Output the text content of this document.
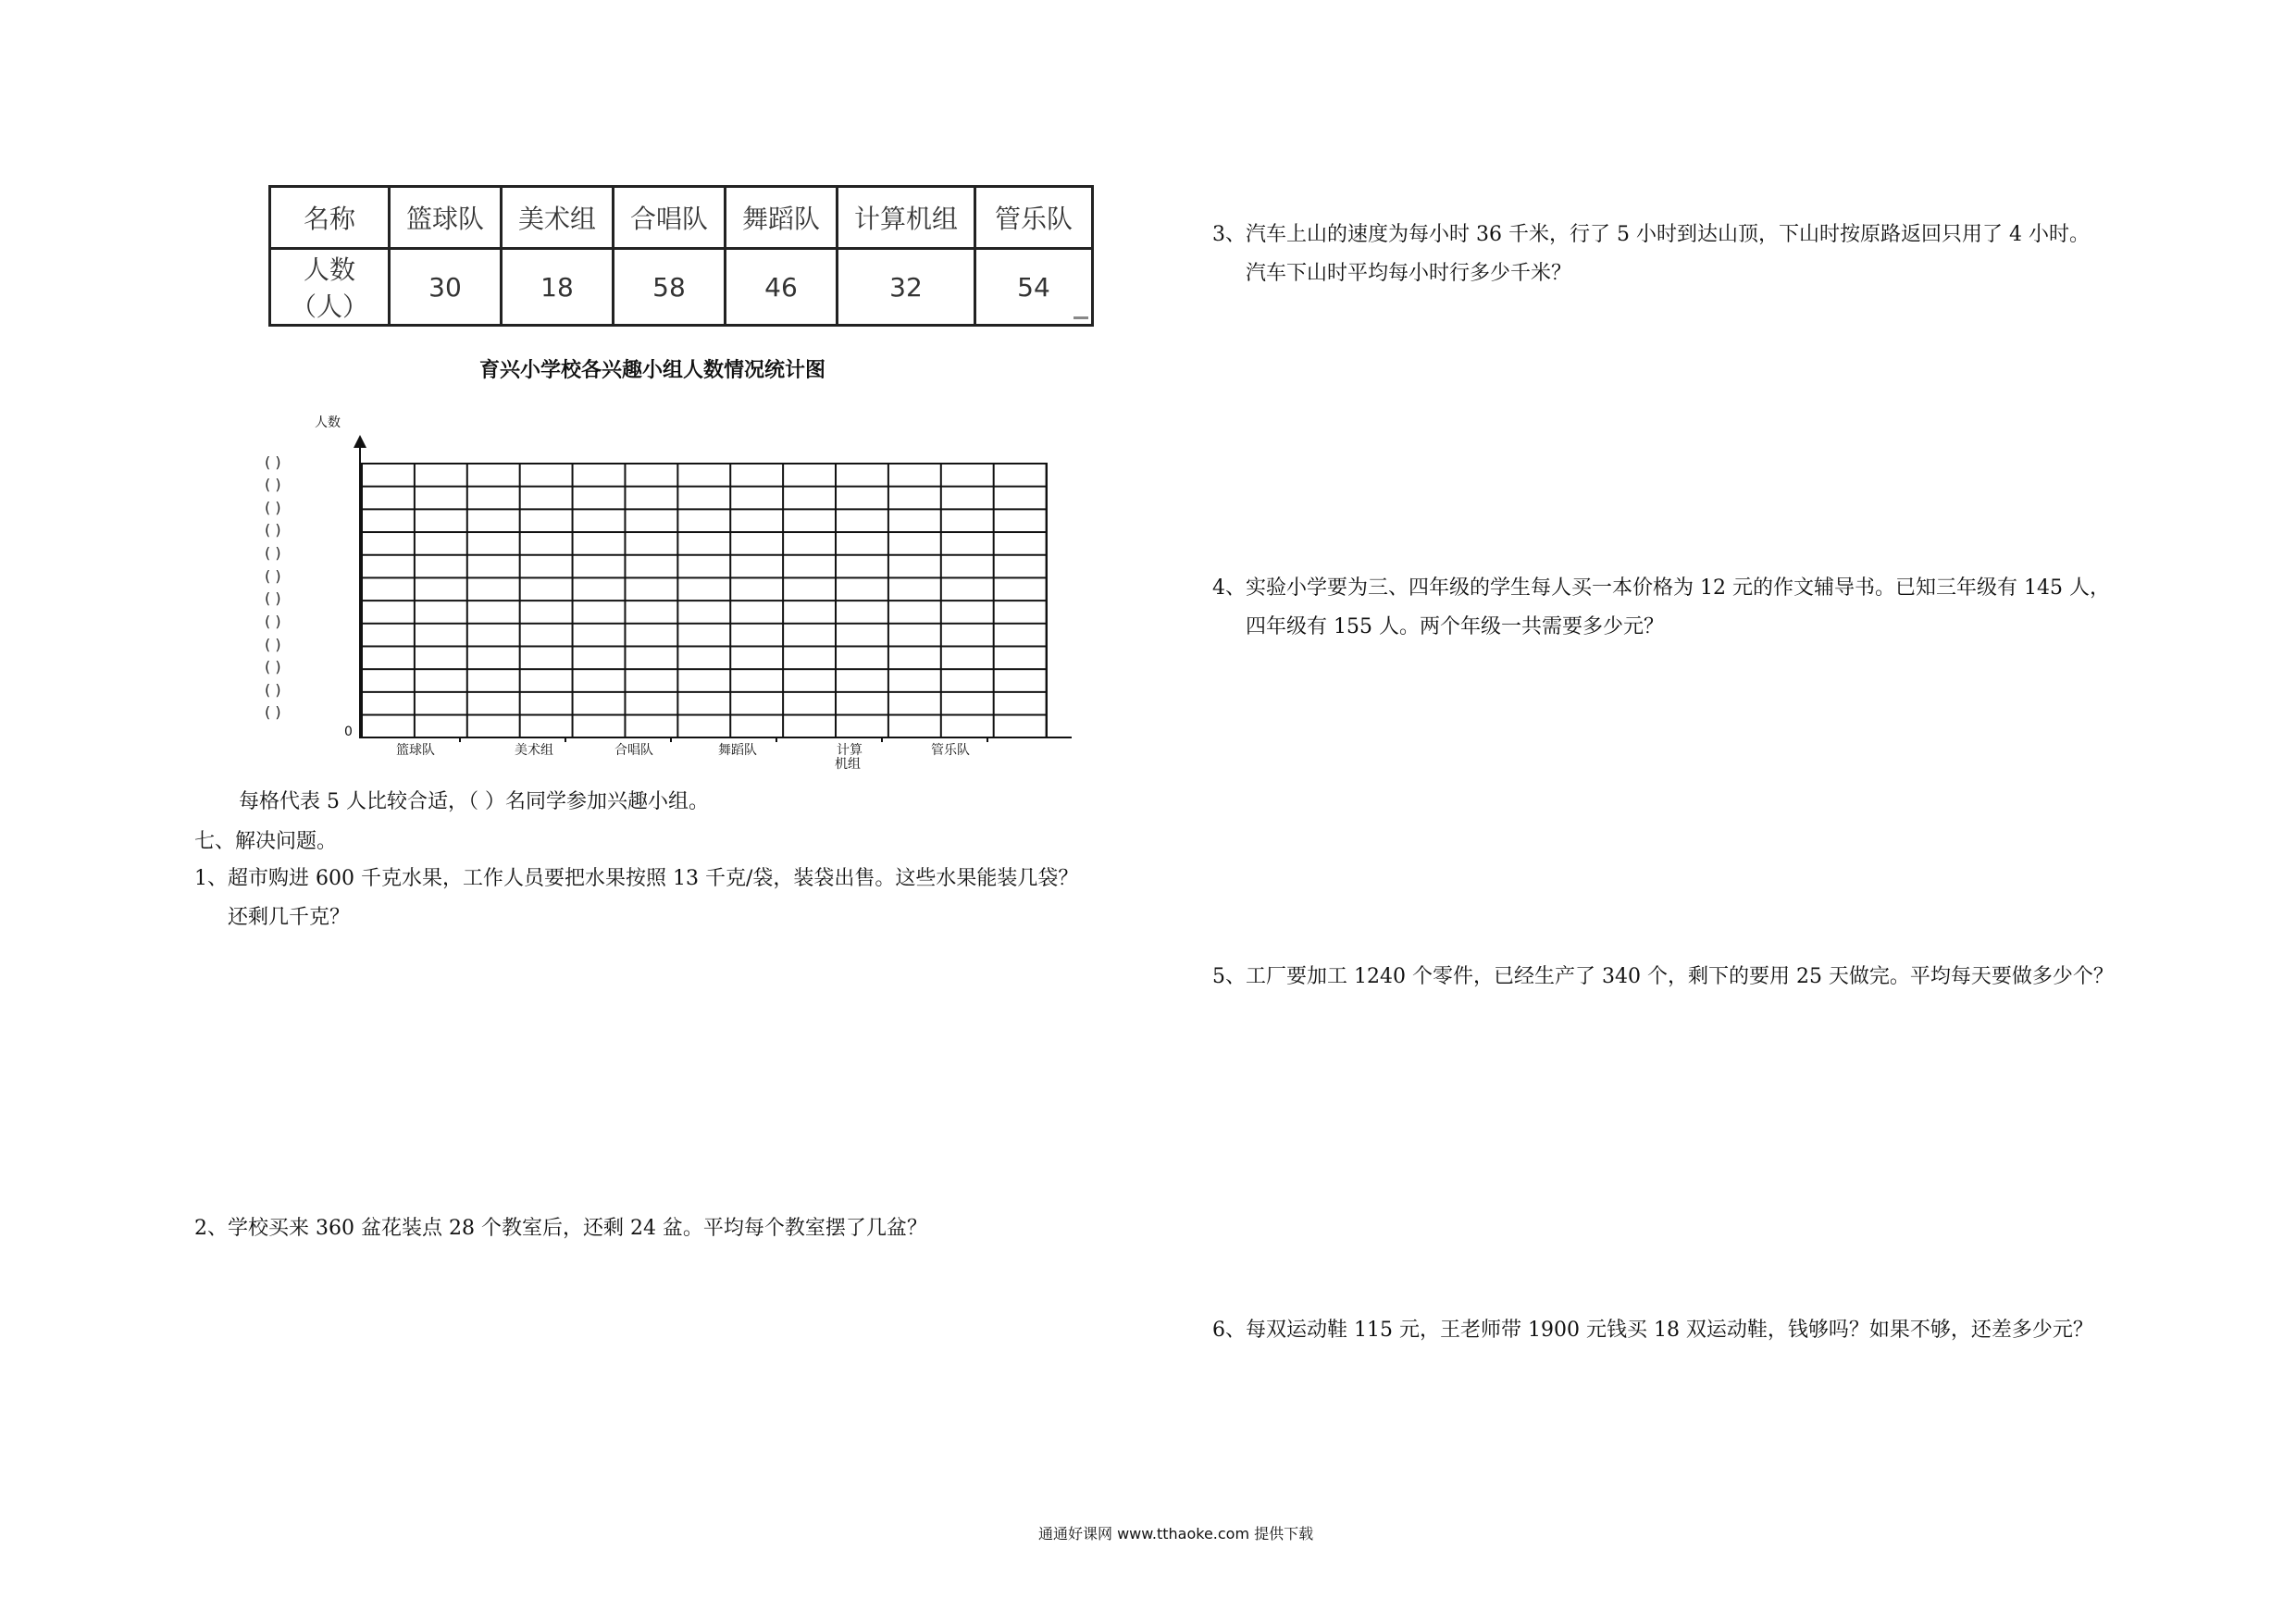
名称	篮球队	美术组	合唱队	舞蹈队	计算机组	管乐队
人数（人）	30	18	58	46	32	54
育兴小学校各兴趣小组人数情况统计图
人数
0
( )
( )
( )
( )
( )
( )
( )
( )
( )
( )
( )
( )
篮球队	美术组	合唱队	舞蹈队	计算
机组
管乐队
每格代表 5 人比较合适，（ ）名同学参加兴趣小组。
七、解决问题。
1、超市购进 600 千克水果，工作人员要把水果按照 13 千克/袋，装袋出售。这些水果能装几袋？
还剩几千克？
2、学校买来 360 盆花装点 28 个教室后，还剩 24 盆。平均每个教室摆了几盆？
3、汽车上山的速度为每小时 36 千米，行了 5 小时到达山顶，下山时按原路返回只用了 4 小时。
汽车下山时平均每小时行多少千米？
4、实验小学要为三、四年级的学生每人买一本价格为 12 元的作文辅导书。已知三年级有 145 人，
四年级有 155 人。两个年级一共需要多少元？
5、工厂要加工 1240 个零件，已经生产了 340 个，剩下的要用 25 天做完。平均每天要做多少个？
6、每双运动鞋 115 元，王老师带 1900 元钱买 18 双运动鞋，钱够吗？如果不够，还差多少元？
通通好课网 www.tthaoke.com 提供下载
